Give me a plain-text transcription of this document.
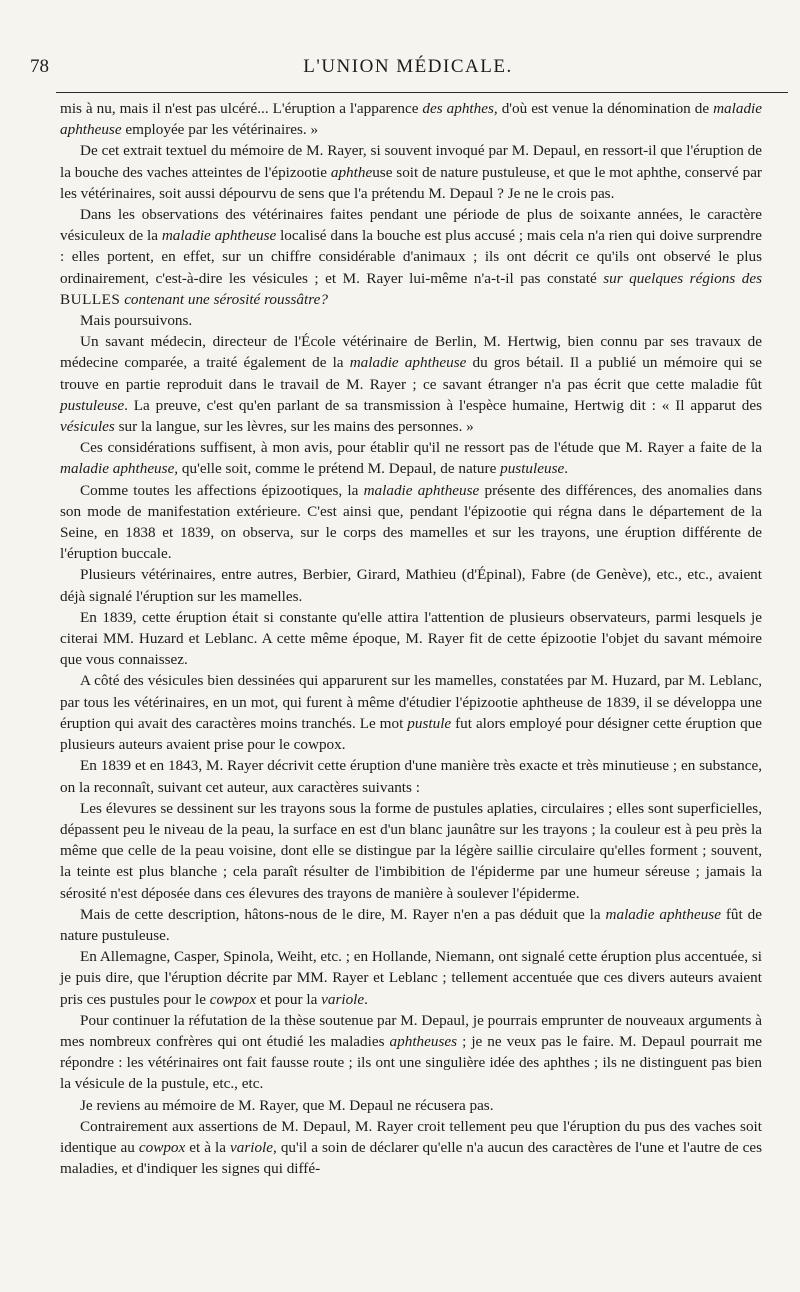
78	L'UNION MÉDICALE.

mis à nu, mais il n'est pas ulcéré... L'éruption a l'apparence des aphthes, d'où est venue la dénomination de maladie aphtheuse employée par les vétérinaires. »

De cet extrait textuel du mémoire de M. Rayer, si souvent invoqué par M. Depaul, en ressort-il que l'éruption de la bouche des vaches atteintes de l'épizootie aphtheuse soit de nature pustuleuse, et que le mot aphthe, conservé par les vétérinaires, soit aussi dépourvu de sens que l'a prétendu M. Depaul ? Je ne le crois pas.

Dans les observations des vétérinaires faites pendant une période de plus de soixante années, le caractère vésiculeux de la maladie aphtheuse localisé dans la bouche est plus accusé ; mais cela n'a rien qui doive surprendre : elles portent, en effet, sur un chiffre considérable d'animaux ; ils ont décrit ce qu'ils ont observé le plus ordinairement, c'est-à-dire les vésicules ; et M. Rayer lui-même n'a-t-il pas constaté sur quelques régions des BULLES contenant une sérosité roussâtre?

Mais poursuivons.

Un savant médecin, directeur de l'École vétérinaire de Berlin, M. Hertwig, bien connu par ses travaux de médecine comparée, a traité également de la maladie aphtheuse du gros bétail. Il a publié un mémoire qui se trouve en partie reproduit dans le travail de M. Rayer ; ce savant étranger n'a pas écrit que cette maladie fût pustuleuse. La preuve, c'est qu'en parlant de sa transmission à l'espèce humaine, Hertwig dit : « Il apparut des vésicules sur la langue, sur les lèvres, sur les mains des personnes. »

Ces considérations suffisent, à mon avis, pour établir qu'il ne ressort pas de l'étude que M. Rayer a faite de la maladie aphtheuse, qu'elle soit, comme le prétend M. Depaul, de nature pustuleuse.

Comme toutes les affections épizootiques, la maladie aphtheuse présente des différences, des anomalies dans son mode de manifestation extérieure. C'est ainsi que, pendant l'épizootie qui régna dans le département de la Seine, en 1838 et 1839, on observa, sur le corps des mamelles et sur les trayons, une éruption différente de l'éruption buccale.

Plusieurs vétérinaires, entre autres, Berbier, Girard, Mathieu (d'Épinal), Fabre (de Genève), etc., etc., avaient déjà signalé l'éruption sur les mamelles.

En 1839, cette éruption était si constante qu'elle attira l'attention de plusieurs observateurs, parmi lesquels je citerai MM. Huzard et Leblanc. A cette même époque, M. Rayer fit de cette épizootie l'objet du savant mémoire que vous connaissez.

A côté des vésicules bien dessinées qui apparurent sur les mamelles, constatées par M. Huzard, par M. Leblanc, par tous les vétérinaires, en un mot, qui furent à même d'étudier l'épizootie aphtheuse de 1839, il se développa une éruption qui avait des caractères moins tranchés. Le mot pustule fut alors employé pour désigner cette éruption que plusieurs auteurs avaient prise pour le cowpox.

En 1839 et en 1843, M. Rayer décrivit cette éruption d'une manière très exacte et très minutieuse ; en substance, on la reconnaît, suivant cet auteur, aux caractères suivants :

Les élevures se dessinent sur les trayons sous la forme de pustules aplaties, circulaires ; elles sont superficielles, dépassent peu le niveau de la peau, la surface en est d'un blanc jaunâtre sur les trayons ; la couleur est à peu près la même que celle de la peau voisine, dont elle se distingue par la légère saillie circulaire qu'elles forment ; souvent, la teinte est plus blanche ; cela paraît résulter de l'imbibition de l'épiderme par une humeur séreuse ; jamais la sérosité n'est déposée dans ces élevures des trayons de manière à soulever l'épiderme.

Mais de cette description, hâtons-nous de le dire, M. Rayer n'en a pas déduit que la maladie aphtheuse fût de nature pustuleuse.

En Allemagne, Casper, Spinola, Weiht, etc. ; en Hollande, Niemann, ont signalé cette éruption plus accentuée, si je puis dire, que l'éruption décrite par MM. Rayer et Leblanc ; tellement accentuée que ces divers auteurs avaient pris ces pustules pour le cowpox et pour la variole.

Pour continuer la réfutation de la thèse soutenue par M. Depaul, je pourrais emprunter de nouveaux arguments à mes nombreux confrères qui ont étudié les maladies aphtheuses ; je ne veux pas le faire. M. Depaul pourrait me répondre : les vétérinaires ont fait fausse route ; ils ont une singulière idée des aphthes ; ils ne distinguent pas bien la vésicule de la pustule, etc., etc.

Je reviens au mémoire de M. Rayer, que M. Depaul ne récusera pas.

Contrairement aux assertions de M. Depaul, M. Rayer croit tellement peu que l'éruption du pus des vaches soit identique au cowpox et à la variole, qu'il a soin de déclarer qu'elle n'a aucun des caractères de l'une et l'autre de ces maladies, et d'indiquer les signes qui diffé-
